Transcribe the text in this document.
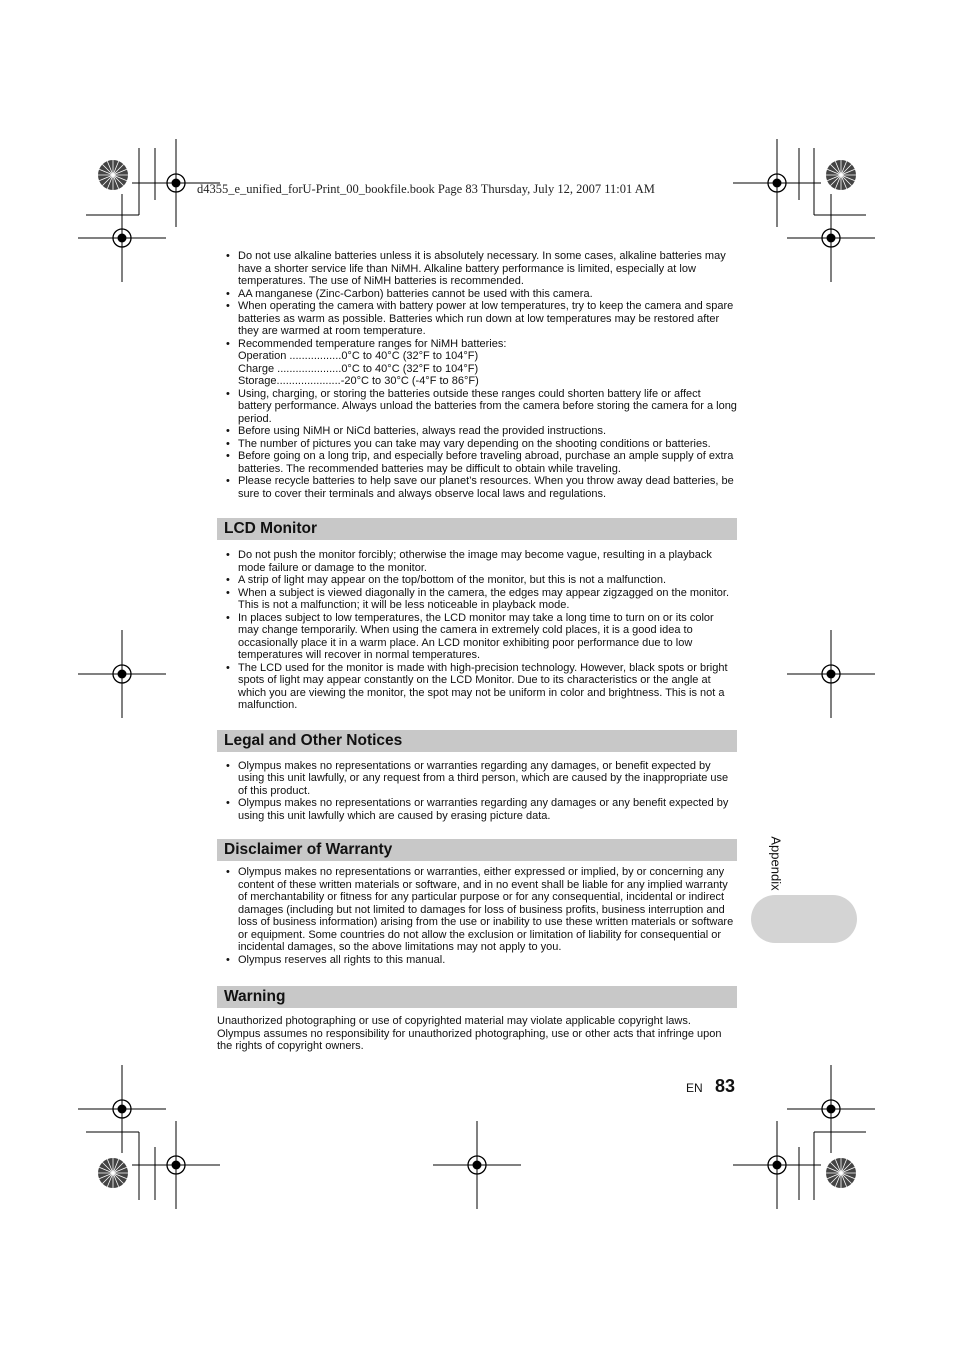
d4355_e_unified_forU-Print_00_bookfile.book Page 83 Thursday, July 12, 2007 11:01 AM
• Do not use alkaline batteries unless it is absolutely necessary. In some cases, alkaline batteries may have a shorter service life than NiMH. Alkaline battery performance is limited, especially at low temperatures. The use of NiMH batteries is recommended.
• AA manganese (Zinc-Carbon) batteries cannot be used with this camera.
• When operating the camera with battery power at low temperatures, try to keep the camera and spare batteries as warm as possible. Batteries which run down at low temperatures may be restored after they are warmed at room temperature.
• Recommended temperature ranges for NiMH batteries:
Operation .................0°C to 40°C (32°F to 104°F)
Charge .....................0°C to 40°C (32°F to 104°F)
Storage.....................-20°C to 30°C (-4°F to 86°F)
• Using, charging, or storing the batteries outside these ranges could shorten battery life or affect battery performance. Always unload the batteries from the camera before storing the camera for a long period.
• Before using NiMH or NiCd batteries, always read the provided instructions.
• The number of pictures you can take may vary depending on the shooting conditions or batteries.
• Before going on a long trip, and especially before traveling abroad, purchase an ample supply of extra batteries. The recommended batteries may be difficult to obtain while traveling.
• Please recycle batteries to help save our planet’s resources. When you throw away dead batteries, be sure to cover their terminals and always observe local laws and regulations.
LCD Monitor
• Do not push the monitor forcibly; otherwise the image may become vague, resulting in a playback mode failure or damage to the monitor.
• A strip of light may appear on the top/bottom of the monitor, but this is not a malfunction.
• When a subject is viewed diagonally in the camera, the edges may appear zigzagged on the monitor. This is not a malfunction; it will be less noticeable in playback mode.
• In places subject to low temperatures, the LCD monitor may take a long time to turn on or its color may change temporarily. When using the camera in extremely cold places, it is a good idea to occasionally place it in a warm place. An LCD monitor exhibiting poor performance due to low temperatures will recover in normal temperatures.
• The LCD used for the monitor is made with high-precision technology. However, black spots or bright spots of light may appear constantly on the LCD Monitor. Due to its characteristics or the angle at which you are viewing the monitor, the spot may not be uniform in color and brightness. This is not a malfunction.
Legal and Other Notices
• Olympus makes no representations or warranties regarding any damages, or benefit expected by using this unit lawfully, or any request from a third person, which are caused by the inappropriate use of this product.
• Olympus makes no representations or warranties regarding any damages or any benefit expected by using this unit lawfully which are caused by erasing picture data.
Disclaimer of Warranty
• Olympus makes no representations or warranties, either expressed or implied, by or concerning any content of these written materials or software, and in no event shall be liable for any implied warranty of merchantability or fitness for any particular purpose or for any consequential, incidental or indirect damages (including but not limited to damages for loss of business profits, business interruption and loss of business information) arising from the use or inability to use these written materials or software or equipment. Some countries do not allow the exclusion or limitation of liability for consequential or incidental damages, so the above limitations may not apply to you.
• Olympus reserves all rights to this manual.
Warning
Unauthorized photographing or use of copyrighted material may violate applicable copyright laws. Olympus assumes no responsibility for unauthorized photographing, use or other acts that infringe upon the rights of copyright owners.
EN 83
Appendix
